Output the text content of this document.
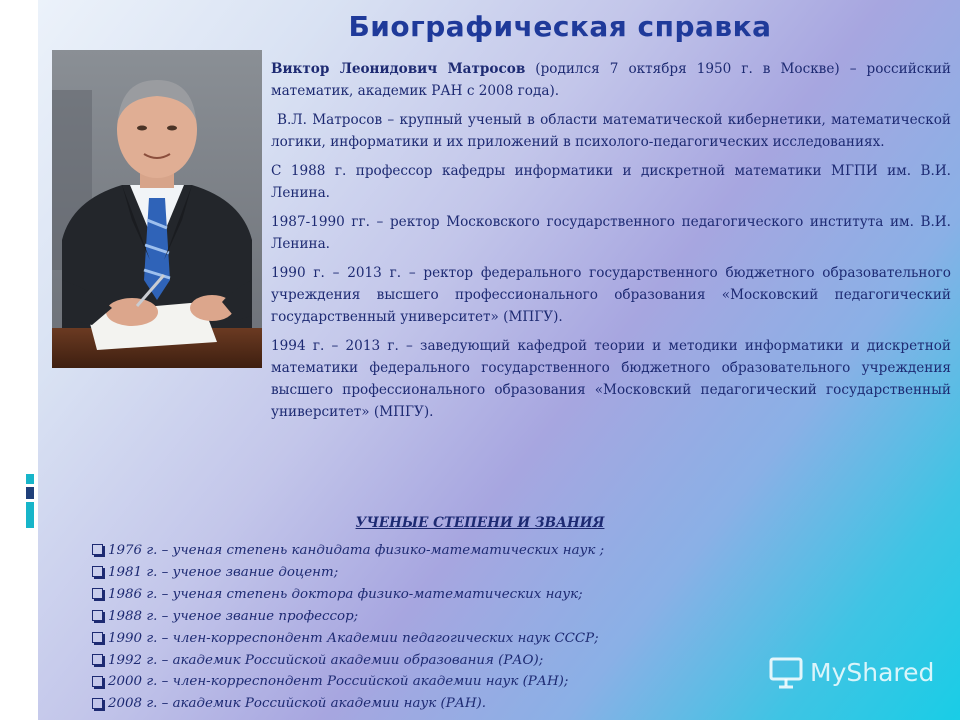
Биографическая справка

Виктор Леонидович Матросов (родился 7 октября 1950 г. в Москве) – российский математик, академик РАН с 2008 года).

В.Л. Матросов – крупный ученый в области математической кибернетики, математической логики, информатики и их приложений в психолого-педагогических исследованиях.

С 1988 г. профессор кафедры информатики и дискретной математики МГПИ им. В.И. Ленина.

1987-1990 гг. – ректор Московского государственного педагогического института им. В.И. Ленина.

1990 г. – 2013 г. – ректор федерального государственного бюджетного образовательного учреждения высшего профессионального образования «Московский педагогический государственный университет» (МПГУ).

1994 г. – 2013 г. – заведующий кафедрой теории и методики информатики и дискретной математики федерального государственного бюджетного образовательного учреждения высшего профессионального образования «Московский педагогический государственный университет» (МПГУ).

УЧЕНЫЕ СТЕПЕНИ И ЗВАНИЯ
1976 г. – ученая степень кандидата физико-математических наук ;
1981 г. – ученое звание доцент;
1986 г. – ученая степень доктора физико-математических наук;
1988 г. – ученое звание профессор;
1990 г. – член-корреспондент Академии педагогических наук СССР;
1992 г. – академик Российской академии образования (РАО);
2000 г. – член-корреспондент Российской академии наук (РАН);
2008 г. – академик Российской академии наук (РАН).
MyShared
